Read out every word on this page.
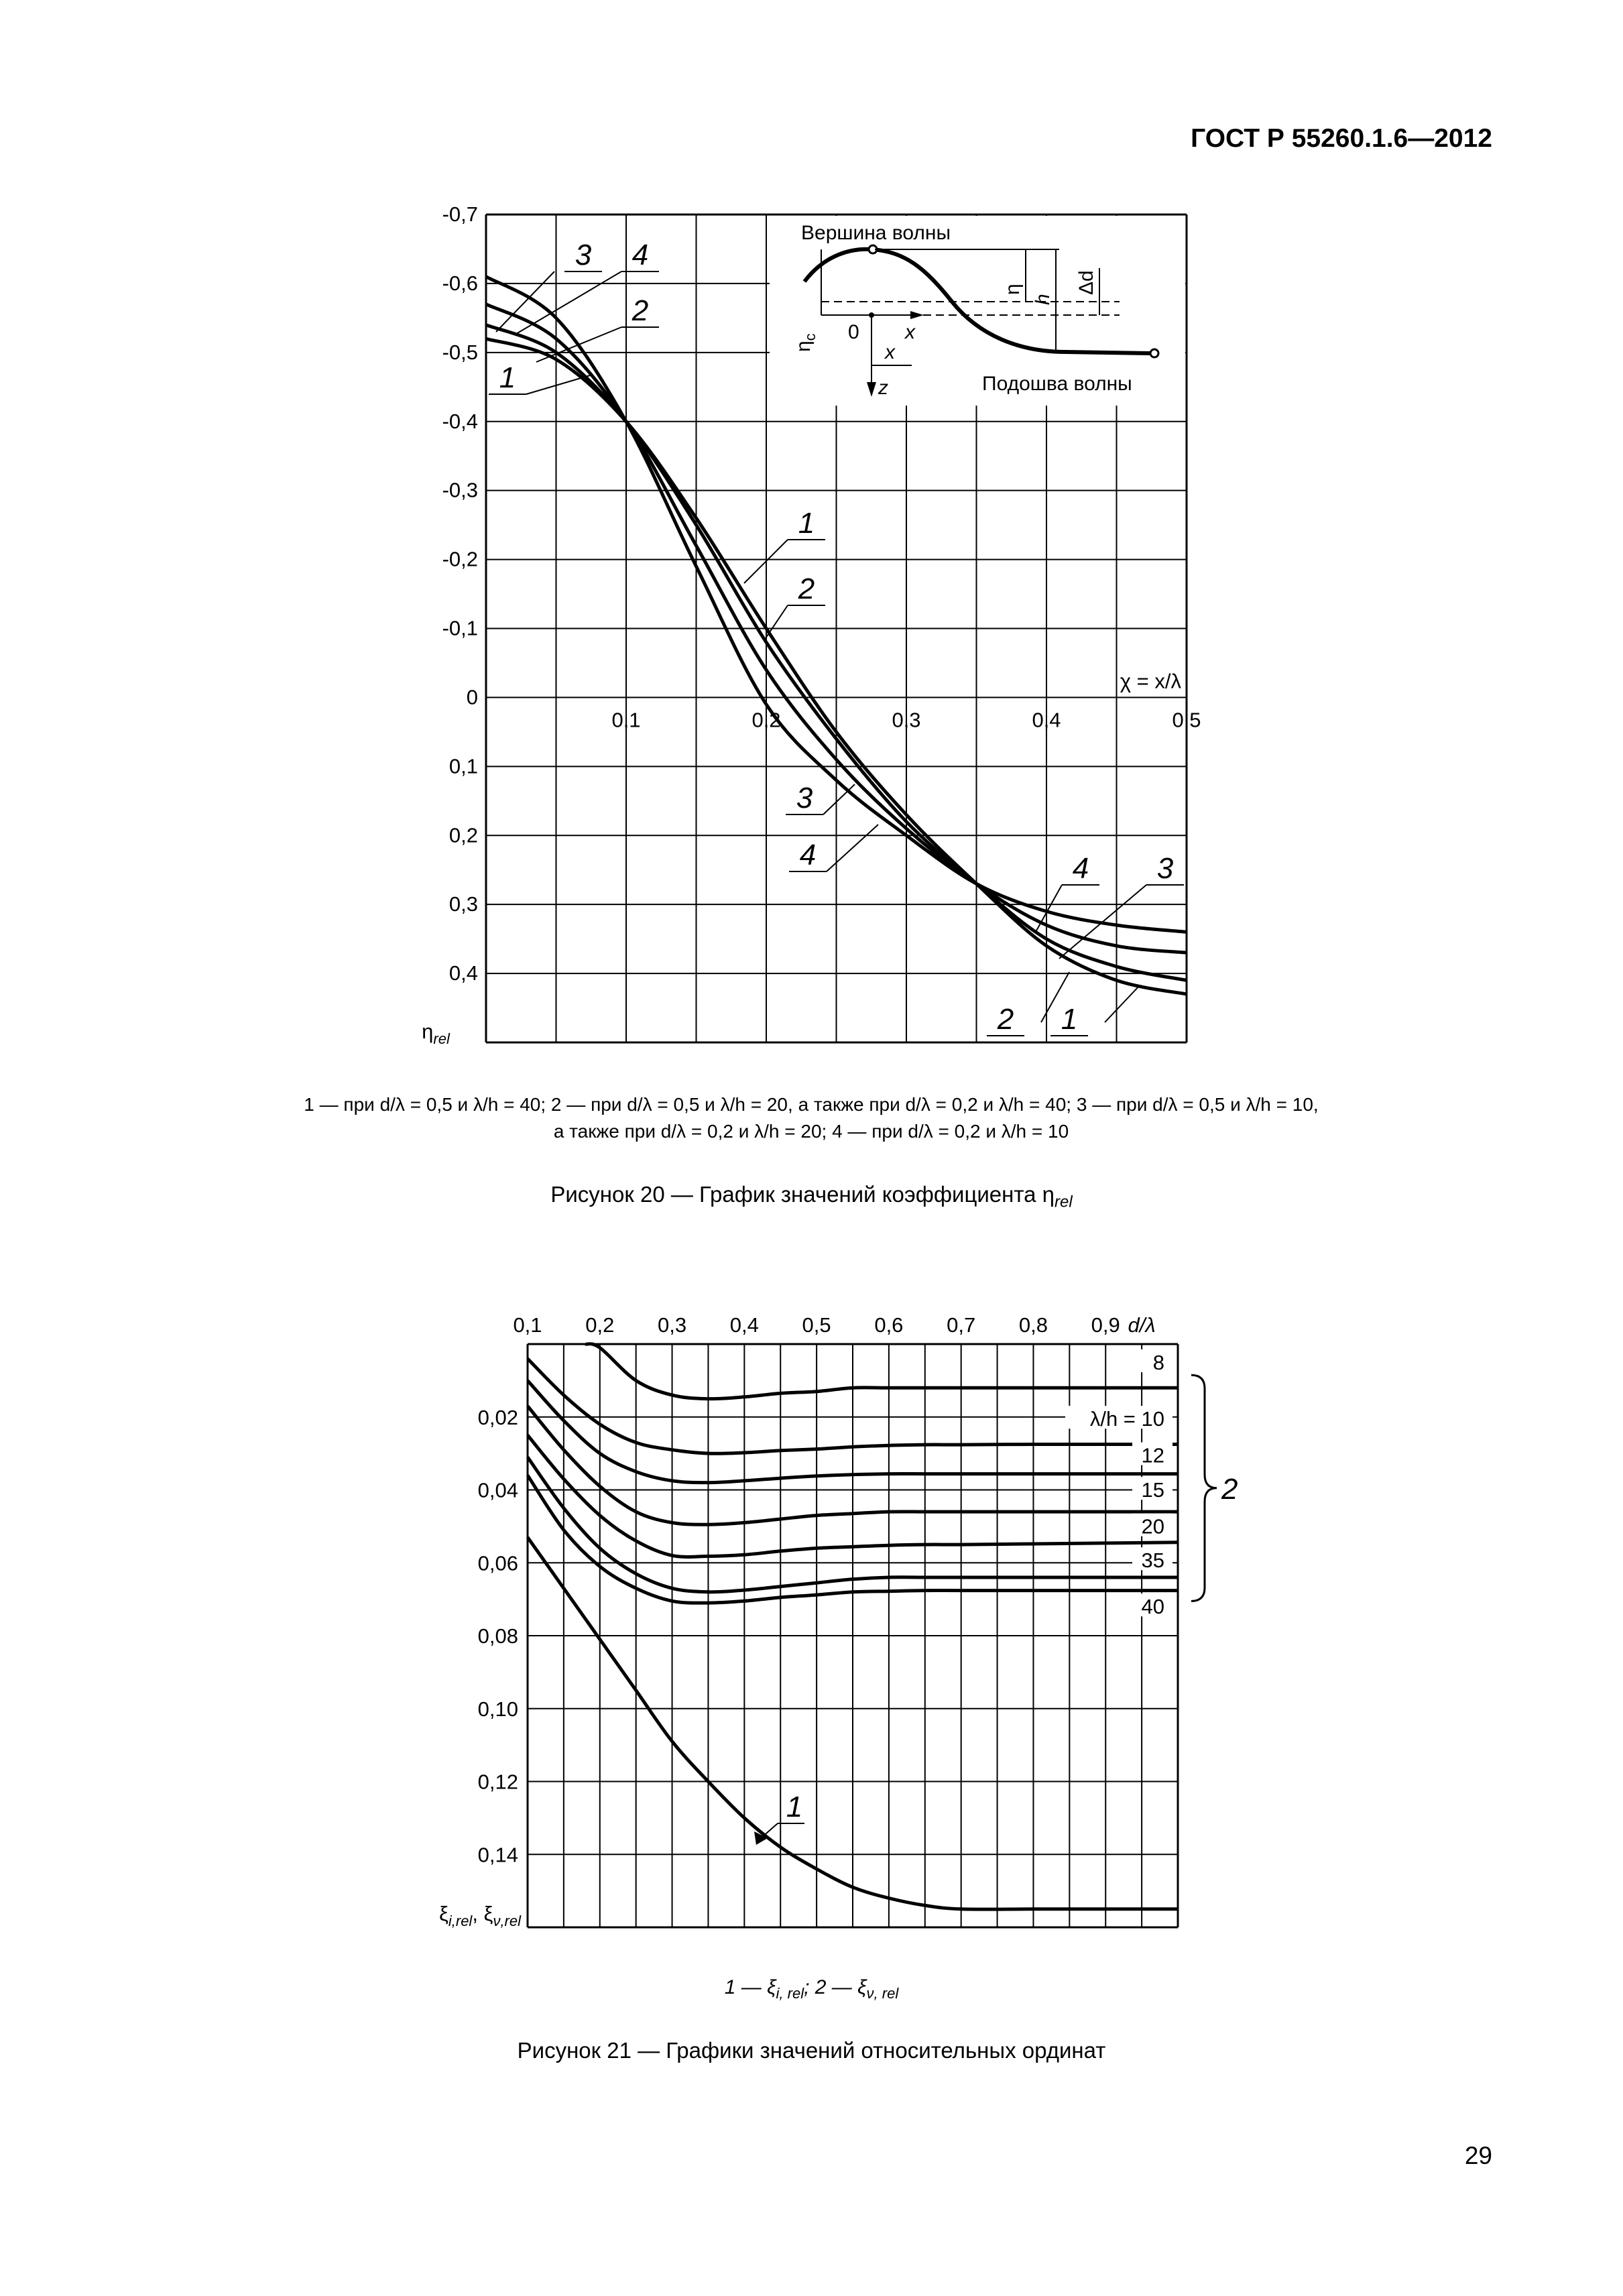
ГОСТ Р 55260.1.6—2012
Вершина волны
Подошва волны
$\eta_c$ 0 x
x
z
η
h
Δd
-0,7
-0,6
-0,5
-0,4
-0,3
-0,2
-0,1
0
0,1
0,2
0,3
0,4
0,1	0,2	0,3	0,4	0,5
χ = x/λ
$\eta_{rel}$
3 4
2
1
1
2
3
4	4 3
2 1
1 — при d/λ = 0,5 и λ/h = 40; 2 — при d/λ = 0,5 и λ/h = 20, а также при d/λ = 0,2 и λ/h = 40; 3 — при d/λ = 0,5 и λ/h = 10,
а также при d/λ = 0,2 и λ/h = 20; 4 — при d/λ = 0,2 и λ/h = 10
Рисунок 20 — График значений коэффициента $\eta_{rel}$
0,02
0,04
0,06
0,08
0,10
0,12
0,14
0,1 0,2 0,3 0,4 0,5 0,6 0,7 0,8 0,9 d/λ
$\xi_{i,rel}$, $\xi_{\nu,rel}$
8
λ/h = 10
12
15
20
35
40
2
1
1 — $\xi_{i, rel}$; 2 — $\xi_{\nu, rel}$
Рисунок 21 — Графики значений относительных ординат
29
